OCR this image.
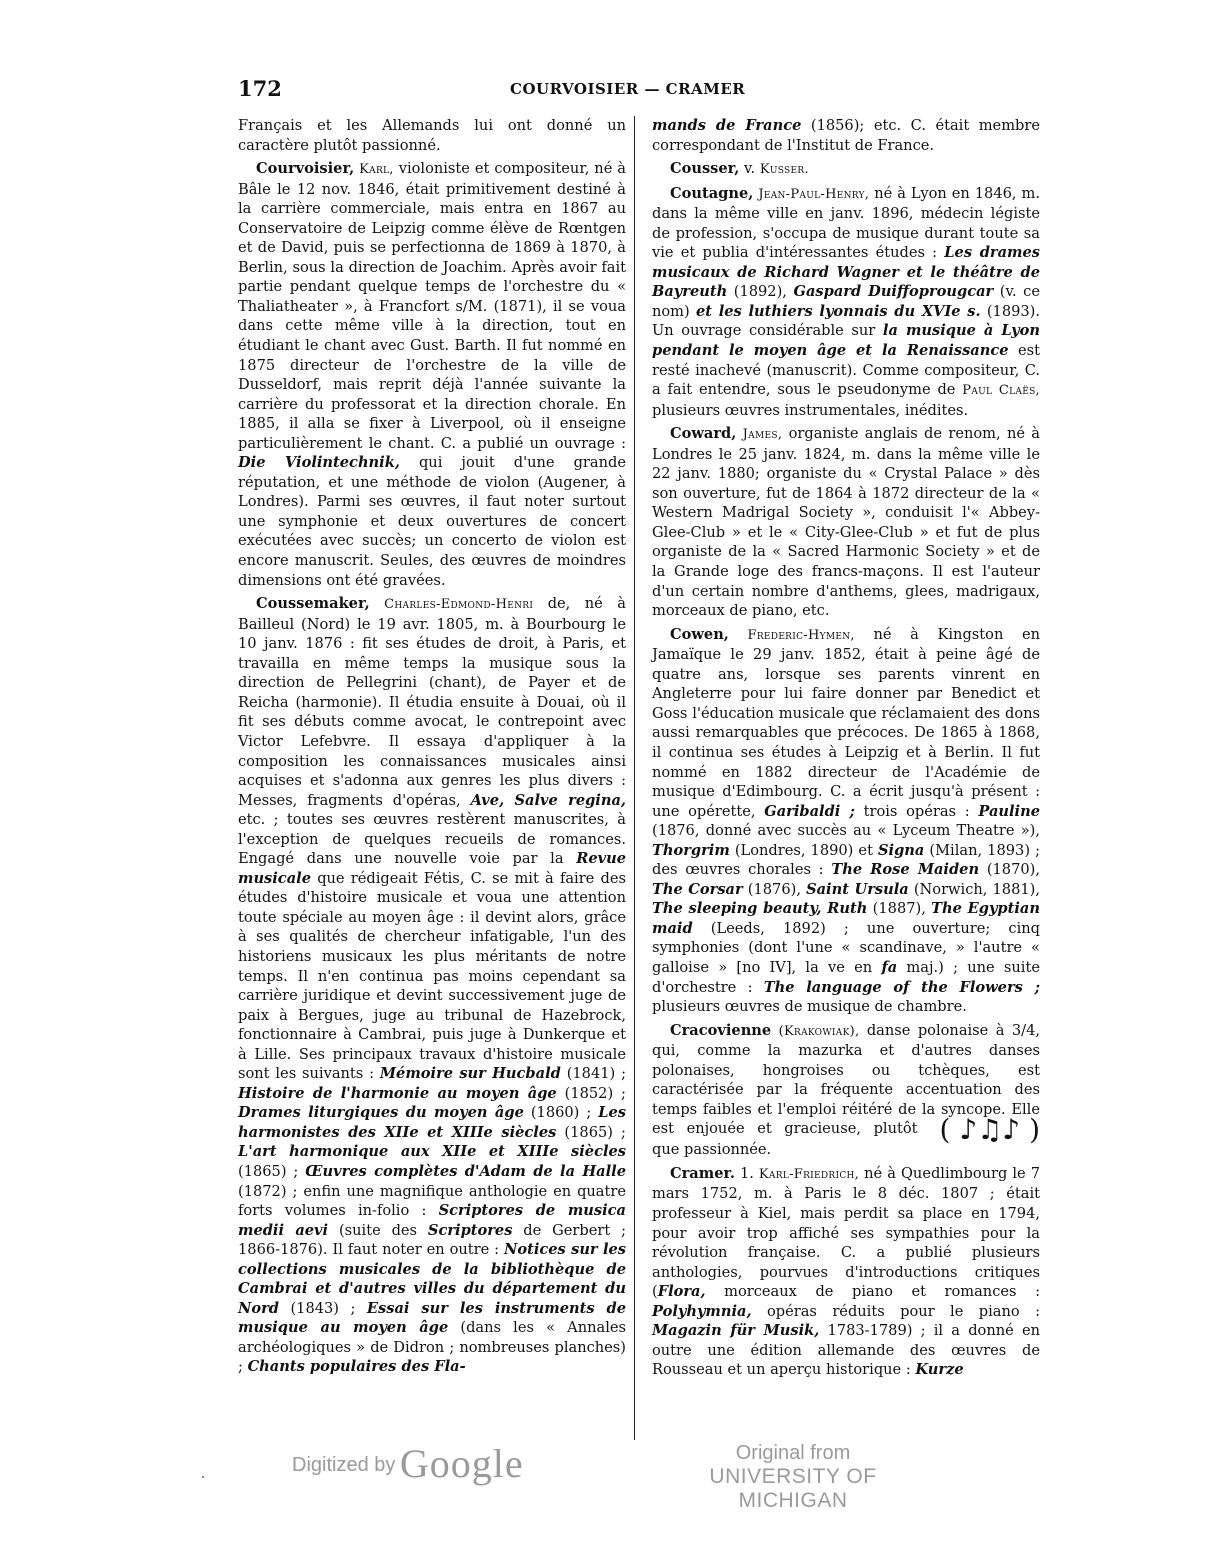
172	COURVOISIER — CRAMER

Français et les Allemands lui ont donné un caractère plutôt passionné.

Courvoisier, Karl, violoniste et compositeur, né à Bâle le 12 nov. 1846, était primitivement destiné à la carrière commerciale, mais entra en 1867 au Conservatoire de Leipzig comme élève de Rœntgen et de David, puis se perfectionna de 1869 à 1870, à Berlin, sous la direction de Joachim. Après avoir fait partie pendant quelque temps de l'orchestre du « Thaliatheater », à Francfort s/M. (1871), il se voua dans cette même ville à la direction, tout en étudiant le chant avec Gust. Barth. Il fut nommé en 1875 directeur de l'orchestre de la ville de Dusseldorf, mais reprit déjà l'année suivante la carrière du professorat et la direction chorale. En 1885, il alla se fixer à Liverpool, où il enseigne particulièrement le chant. C. a publié un ouvrage : Die Violintechnik, qui jouit d'une grande réputation, et une méthode de violon (Augener, à Londres). Parmi ses œuvres, il faut noter surtout une symphonie et deux ouvertures de concert exécutées avec succès; un concerto de violon est encore manuscrit. Seules, des œuvres de moindres dimensions ont été gravées.

Coussemaker, Charles-Edmond-Henri de, né à Bailleul (Nord) le 19 avr. 1805, m. à Bourbourg le 10 janv. 1876 : fit ses études de droit, à Paris, et travailla en même temps la musique sous la direction de Pellegrini (chant), de Payer et de Reicha (harmonie). Il étudia ensuite à Douai, où il fit ses débuts comme avocat, le contrepoint avec Victor Lefebvre. Il essaya d'appliquer à la composition les connaissances musicales ainsi acquises et s'adonna aux genres les plus divers : Messes, fragments d'opéras, Ave, Salve regina, etc. ; toutes ses œuvres restèrent manuscrites, à l'exception de quelques recueils de romances. Engagé dans une nouvelle voie par la Revue musicale que rédigeait Fétis, C. se mit à faire des études d'histoire musicale et voua une attention toute spéciale au moyen âge : il devint alors, grâce à ses qualités de chercheur infatigable, l'un des historiens musicaux les plus méritants de notre temps. Il n'en continua pas moins cependant sa carrière juridique et devint successivement juge de paix à Bergues, juge au tribunal de Hazebrock, fonctionnaire à Cambrai, puis juge à Dunkerque et à Lille. Ses principaux travaux d'histoire musicale sont les suivants : Mémoire sur Hucbald (1841) ; Histoire de l'harmonie au moyen âge (1852) ; Drames liturgiques du moyen âge (1860) ; Les harmonistes des XIIe et XIIIe siècles (1865) ; L'art harmonique aux XIIe et XIIIe siècles (1865) ; Œuvres complètes d'Adam de la Halle (1872) ; enfin une magnifique anthologie en quatre forts volumes in-folio : Scriptores de musica medii aevi (suite des Scriptores de Gerbert ; 1866-1876). Il faut noter en outre : Notices sur les collections musicales de la bibliothèque de Cambrai et d'autres villes du département du Nord (1843) ; Essai sur les instruments de musique au moyen âge (dans les « Annales archéologiques » de Didron ; nombreuses planches) ; Chants populaires des Fla-

mands de France (1856); etc. C. était membre correspondant de l'Institut de France.

Cousser, v. Kusser.

Coutagne, Jean-Paul-Henry, né à Lyon en 1846, m. dans la même ville en janv. 1896, médecin légiste de profession, s'occupa de musique durant toute sa vie et publia d'intéressantes études : Les drames musicaux de Richard Wagner et le théâtre de Bayreuth (1892), Gaspard Duiffoprougcar (v. ce nom) et les luthiers lyonnais du XVIe s. (1893). Un ouvrage considérable sur la musique à Lyon pendant le moyen âge et la Renaissance est resté inachevé (manuscrit). Comme compositeur, C. a fait entendre, sous le pseudonyme de Paul Claës, plusieurs œuvres instrumentales, inédites.

Coward, James, organiste anglais de renom, né à Londres le 25 janv. 1824, m. dans la même ville le 22 janv. 1880; organiste du « Crystal Palace » dès son ouverture, fut de 1864 à 1872 directeur de la « Western Madrigal Society », conduisit l'« Abbey-Glee-Club » et le « City-Glee-Club » et fut de plus organiste de la « Sacred Harmonic Society » et de la Grande loge des francs-maçons. Il est l'auteur d'un certain nombre d'anthems, glees, madrigaux, morceaux de piano, etc.

Cowen, Frederic-Hymen, né à Kingston en Jamaïque le 29 janv. 1852, était à peine âgé de quatre ans, lorsque ses parents vinrent en Angleterre pour lui faire donner par Benedict et Goss l'éducation musicale que réclamaient des dons aussi remarquables que précoces. De 1865 à 1868, il continua ses études à Leipzig et à Berlin. Il fut nommé en 1882 directeur de l'Académie de musique d'Edimbourg. C. a écrit jusqu'à présent : une opérette, Garibaldi ; trois opéras : Pauline (1876, donné avec succès au « Lyceum Theatre »), Thorgrim (Londres, 1890) et Signa (Milan, 1893) ; des œuvres chorales : The Rose Maiden (1870), The Corsar (1876), Saint Ursula (Norwich, 1881), The sleeping beauty, Ruth (1887), The Egyptian maid (Leeds, 1892) ; une ouverture; cinq symphonies (dont l'une « scandinave, » l'autre « galloise » [no IV], la ve en fa maj.) ; une suite d'orchestre : The language of the Flowers ; plusieurs œuvres de musique de chambre.

Cracovienne (Krakowiak), danse polonaise à 3/4, qui, comme la mazurka et d'autres danses polonaises, hongroises ou tchèques, est caractérisée par la fréquente accentuation des temps faibles et l'emploi réitéré de la syncope. Elle est enjouée et gracieuse, plutôt ( ♪♫♪ ) que passionnée.

Cramer. 1. Karl-Friedrich, né à Quedlimbourg le 7 mars 1752, m. à Paris le 8 déc. 1807 ; était professeur à Kiel, mais perdit sa place en 1794, pour avoir trop affiché ses sympathies pour la révolution française. C. a publié plusieurs anthologies, pourvues d'introductions critiques (Flora, morceaux de piano et romances : Polyhymnia, opéras réduits pour le piano : Magazin für Musik, 1783-1789) ; il a donné en outre une édition allemande des œuvres de Rousseau et un aperçu historique : Kurze

Digitized by Google	Original from
UNIVERSITY OF MICHIGAN
